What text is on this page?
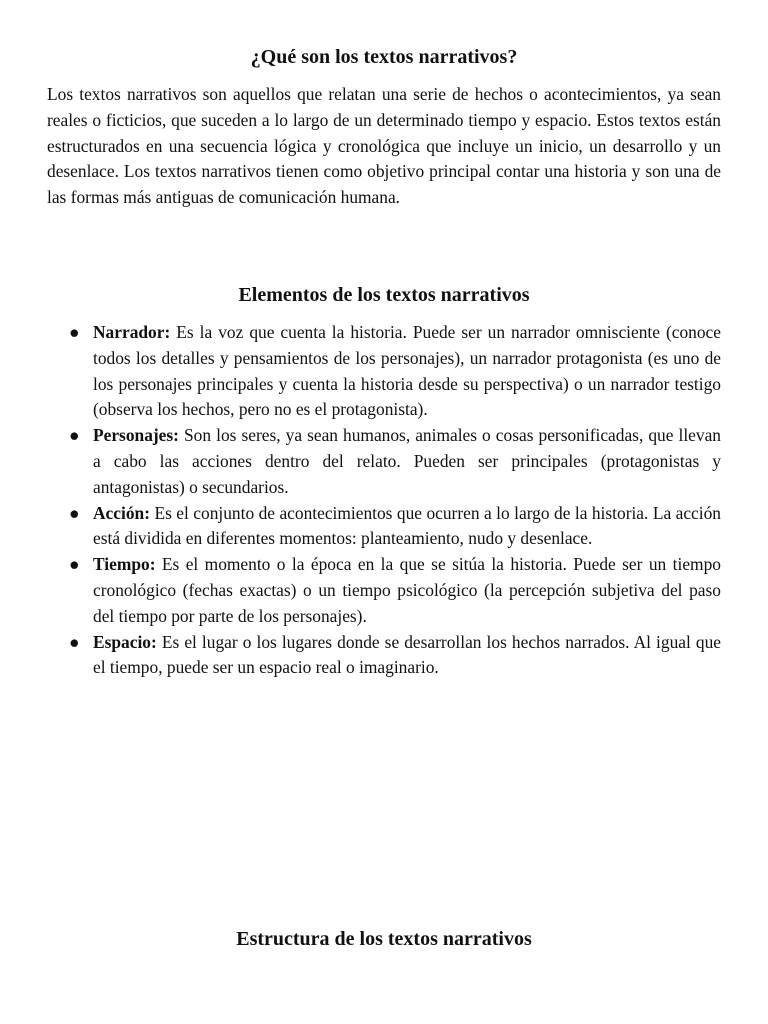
¿Qué son los textos narrativos?

Los textos narrativos son aquellos que relatan una serie de hechos o acontecimientos, ya sean reales o ficticios, que suceden a lo largo de un determinado tiempo y espacio. Estos textos están estructurados en una secuencia lógica y cronológica que incluye un inicio, un desarrollo y un desenlace. Los textos narrativos tienen como objetivo principal contar una historia y son una de las formas más antiguas de comunicación humana.

Elementos de los textos narrativos
● Narrador: Es la voz que cuenta la historia. Puede ser un narrador omnisciente (conoce todos los detalles y pensamientos de los personajes), un narrador protagonista (es uno de los personajes principales y cuenta la historia desde su perspectiva) o un narrador testigo (observa los hechos, pero no es el protagonista).
● Personajes: Son los seres, ya sean humanos, animales o cosas personificadas, que llevan a cabo las acciones dentro del relato. Pueden ser principales (protagonistas y antagonistas) o secundarios.
● Acción: Es el conjunto de acontecimientos que ocurren a lo largo de la historia. La acción está dividida en diferentes momentos: planteamiento, nudo y desenlace.
● Tiempo: Es el momento o la época en la que se sitúa la historia. Puede ser un tiempo cronológico (fechas exactas) o un tiempo psicológico (la percepción subjetiva del paso del tiempo por parte de los personajes).
● Espacio: Es el lugar o los lugares donde se desarrollan los hechos narrados. Al igual que el tiempo, puede ser un espacio real o imaginario.
Estructura de los textos narrativos
